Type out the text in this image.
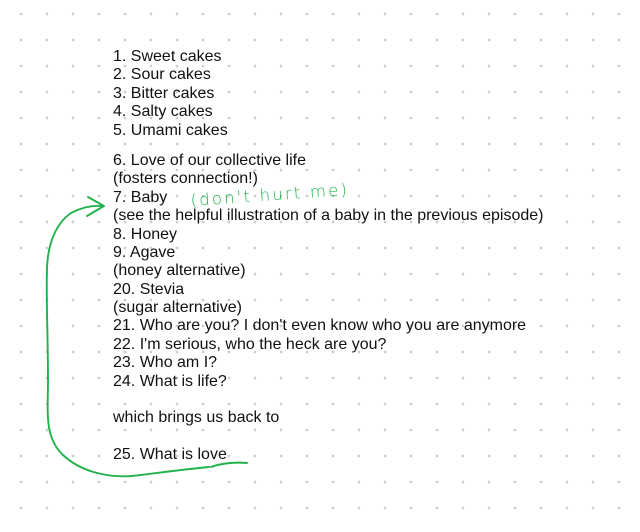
1. Sweet cakes
2. Sour cakes
3. Bitter cakes
4. Salty cakes
5. Umami cakes
6. Love of our collective life
(fosters connection!)
7. Baby
(see the helpful illustration of a baby in the previous episode)
8. Honey
9. Agave
(honey alternative)
20. Stevia
(sugar alternative)
21. Who are you? I don't even know who you are anymore
22. I'm serious, who the heck are you?
23. Who am I?
24. What is life?
which brings us back to
25. What is love
(don't hurt me)
